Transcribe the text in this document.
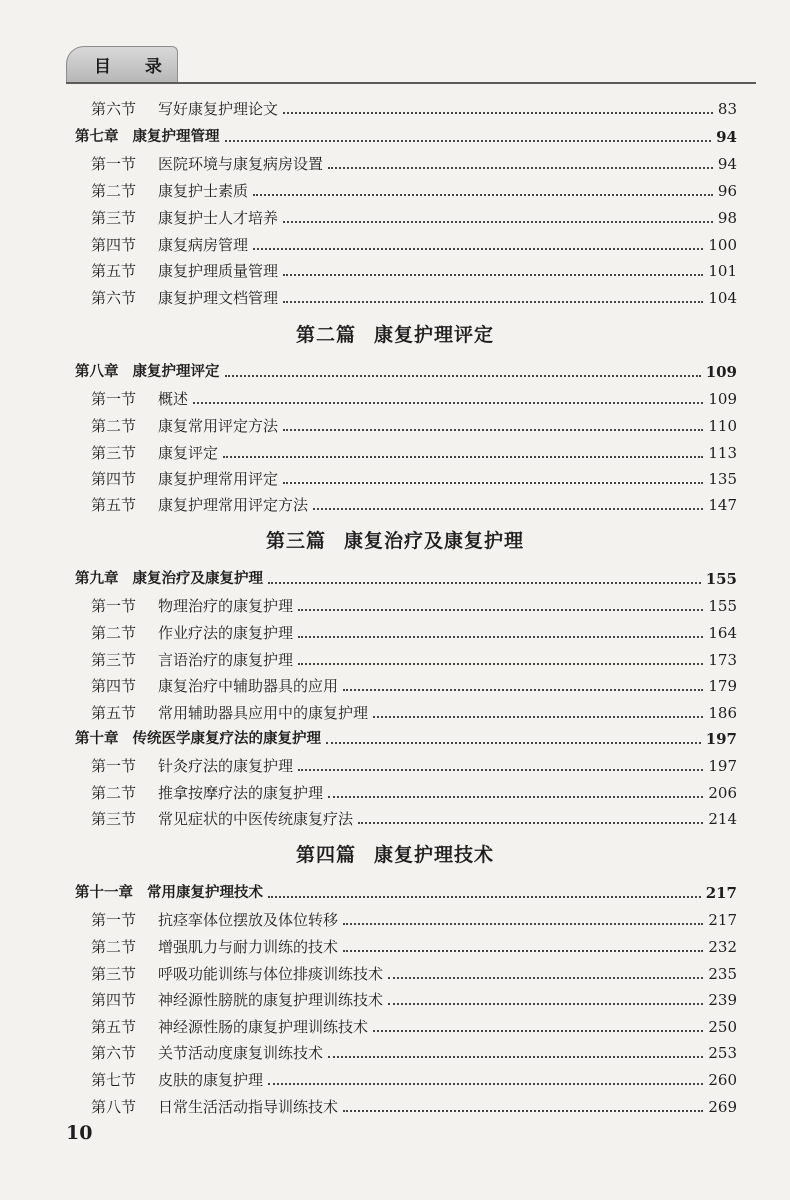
目 录
第六节 写好康复护理论文	83
第七章 康复护理管理	94
第一节 医院环境与康复病房设置	94
第二节 康复护士素质	96
第三节 康复护士人才培养	98
第四节 康复病房管理	100
第五节 康复护理质量管理	101
第六节 康复护理文档管理	104
第二篇 康复护理评定
第八章 康复护理评定	109
第一节 概述	109
第二节 康复常用评定方法	110
第三节 康复评定	113
第四节 康复护理常用评定	135
第五节 康复护理常用评定方法	147
第三篇 康复治疗及康复护理
第九章 康复治疗及康复护理	155
第一节 物理治疗的康复护理	155
第二节 作业疗法的康复护理	164
第三节 言语治疗的康复护理	173
第四节 康复治疗中辅助器具的应用	179
第五节 常用辅助器具应用中的康复护理	186
第十章 传统医学康复疗法的康复护理	197
第一节 针灸疗法的康复护理	197
第二节 推拿按摩疗法的康复护理	206
第三节 常见症状的中医传统康复疗法	214
第四篇 康复护理技术
第十一章 常用康复护理技术	217
第一节 抗痉挛体位摆放及体位转移	217
第二节 增强肌力与耐力训练的技术	232
第三节 呼吸功能训练与体位排痰训练技术	235
第四节 神经源性膀胱的康复护理训练技术	239
第五节 神经源性肠的康复护理训练技术	250
第六节 关节活动度康复训练技术	253
第七节 皮肤的康复护理	260
第八节 日常生活活动指导训练技术	269
10
